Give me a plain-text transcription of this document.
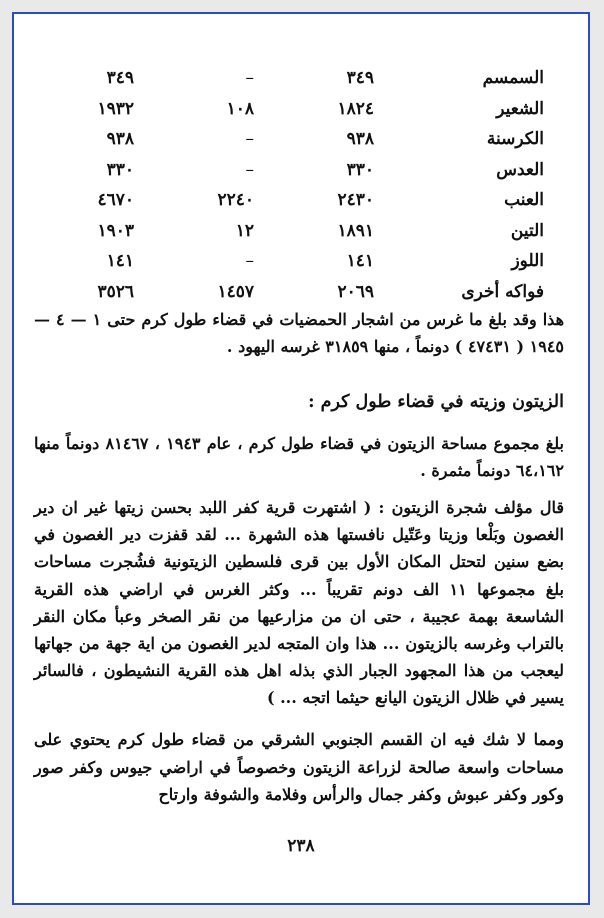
السمسم
٣٤٩
–
٣٤٩
الشعير
١٨٢٤
١٠٨
١٩٣٢
الكرسنة
٩٣٨
–
٩٣٨
العدس
٣٣٠
–
٣٣٠
العنب
٢٤٣٠
٢٢٤٠
٤٦٧٠
التين
١٨٩١
١٢
١٩٠٣
اللوز
١٤١
–
١٤١
فواكه أخرى
٢٠٦٩
١٤٥٧
٣٥٢٦
هذا وقد بلغ ما غرس من اشجار الحمضيات في قضاء طول كرم حتى ١ — ٤ — ١٩٤٥ ( ٤٧٤٣١ ) دونماً ، منها ٣١٨٥٩ غرسه اليهود .
الزيتون وزيته في قضاء طول كرم :
بلغ مجموع مساحة الزيتون في قضاء طول كرم ، عام ١٩٤٣ ، ٨١٤٦٧ دونماً منها ٦٤،١٦٢ دونماً مثمرة .
قال مؤلف شجرة الزيتون : ( اشتهرت قرية كفر اللبد بحسن زيتها غير ان دير الغصون وبَلْعا وزيتا وعَتّيل نافستها هذه الشهرة ... لقد قفزت دير الغصون في بضع سنين لتحتل المكان الأول بين قرى فلسطين الزيتونية فشُجرت مساحات بلغ مجموعها ١١ الف دونم تقريباً ... وكثر الغرس في اراضي هذه القرية الشاسعة بهمة عجيبة ، حتى ان من مزارعيها من نقر الصخر وعبأ مكان النقر بالتراب وغرسه بالزيتون ... هذا وان المتجه لدير الغصون من اية جهة من جهاتها ليعجب من هذا المجهود الجبار الذي بذله اهل هذه القرية النشيطون ، فالسائر يسير في ظلال الزيتون اليانع حيثما اتجه ... )
ومما لا شك فيه ان القسم الجنوبي الشرقي من قضاء طول كرم يحتوي على مساحات واسعة صالحة لزراعة الزيتون وخصوصاً في اراضي جيوس وكفر صور وكور وكفر عبوش وكفر جمال والرأس وفلامة والشوفة وارتاح
٢٣٨
